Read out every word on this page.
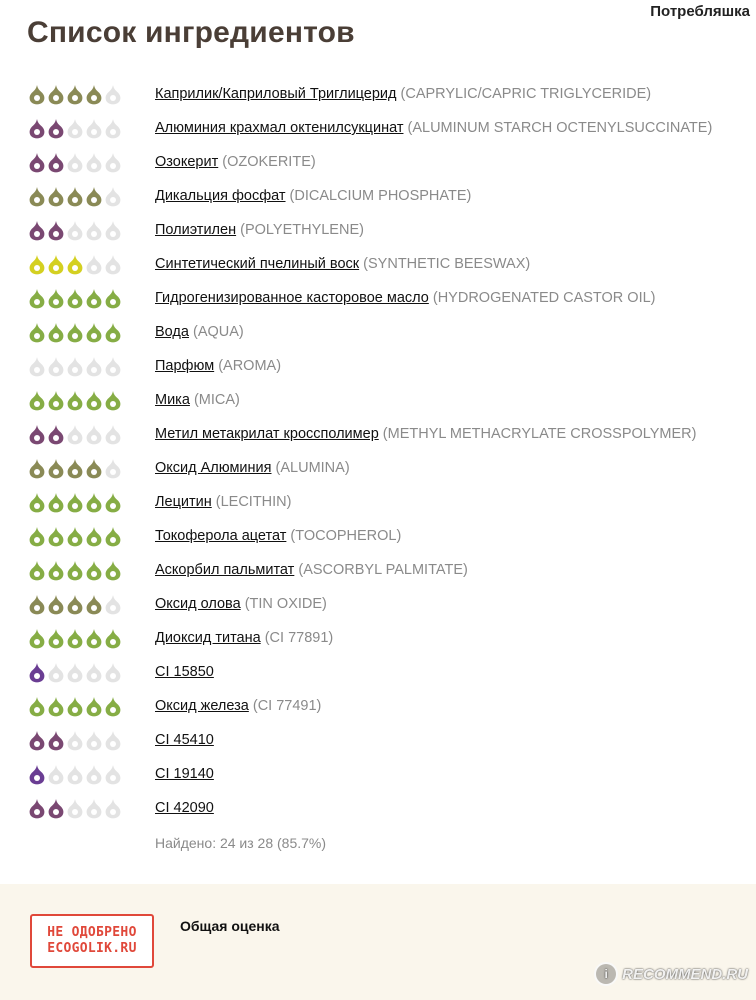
Потребляшка
Список ингредиентов
Каприлик/Каприловый Триглицерид (CAPRYLIC/CAPRIC TRIGLYCERIDE)
Алюминия крахмал октенилсукцинат (ALUMINUM STARCH OCTENYLSUCCINATE)
Озокерит (OZOKERITE)
Дикальция фосфат (DICALCIUM PHOSPHATE)
Полиэтилен (POLYETHYLENE)
Синтетический пчелиный воск (SYNTHETIC BEESWAX)
Гидрогенизированное касторовое масло (HYDROGENATED CASTOR OIL)
Вода (AQUA)
Парфюм (AROMA)
Мика (MICA)
Метил метакрилат кроссполимер (METHYL METHACRYLATE CROSSPOLYMER)
Оксид Алюминия (ALUMINA)
Лецитин (LECITHIN)
Токоферола ацетат (TOCOPHEROL)
Аскорбил пальмитат (ASCORBYL PALMITATE)
Оксид олова (TIN OXIDE)
Диоксид титана (CI 77891)
CI 15850
Оксид железа (CI 77491)
CI 45410
CI 19140
CI 42090
Найдено: 24 из 28 (85.7%)
НЕ ОДОБРЕНО
ECOGOLIK.RU
Общая оценка
i RECOMMEND.RU
